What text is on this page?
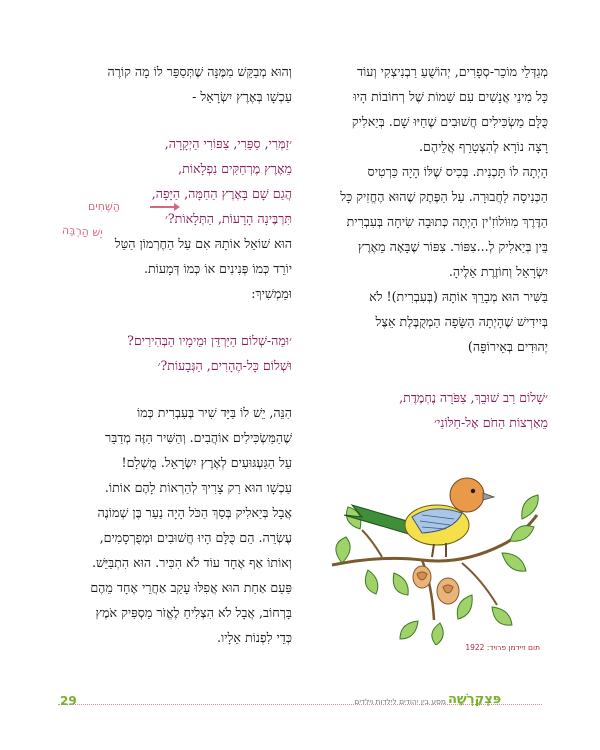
מְגַדְּלֵי מוֹכֵר-סְפָרִים, יְהוֹשֻׁעַ רַבְנִיצְקִי וְעוֹד
כָּל מִינֵי אֲנָשִׁים עִם שֵׁמוֹת שֶׁל רְחוֹבוֹת הָיוּ
כֻּלָּם מַשְׂכִּילִים חֲשׁוּבִים שֶׁחַיּוּ שָׁם. בְּיַאלִיק
רָצָה נוֹרָא לְהִצְטָרֵף אֲלֵיהֶם.
הָיְתָה לוֹ תָּכְנִית. בְּכִיס שֶׁלּוֹ הָיָה כַּרְטִיס
הַכְּנִיסָה לַחֲבוּרָה. עַל הַפֶּתֶק שֶׁהוּא הֶחֱזִיק כָּל
הַדֶּרֶךְ מִוּוֹלוֹזִ'ין הָיְתָה כְּתוּבָה שִׂיחָה בְּעִבְרִית
בֵּין בְּיַאלִיק לְ...צִפּוֹר. צִפּוֹר שֶׁבָּאָה מֵאֶרֶץ
יִשְׂרָאֵל וְחוֹזֶרֶת אֵלֶיהָ.
בַּשִּׁיר הוּא מְבָרֵךְ אוֹתָהּ (בְּעִבְרִית)! לֹא
בְּיִידִישׁ שֶׁהָיְתָה הַשָּׂפָה הַמְקֻבֶּלֶת אֵצֶל
יְהוּדִים בְּאֵירוֹפָּה)
׳שָׁלוֹם רַב שׁוּבֵךְ, צִפֹּרָה נֶחְמֶדֶת,
מֵאַרְצוֹת הַחֹם אֶל-חַלּוֹנִי׳
וְהוּא מְבַקֵּשׁ מִמֶּנָּה שֶׁתְּסַפֵּר לוֹ מָה קוֹרֶה
עַכְשָׁו בְּאֶרֶץ יִשְׂרָאֵל -
׳זַמְּרִי, סַפֵּרִי, צִפּוֹרִי הַיְקָרָה,
מֵאֶרֶץ מֶרְחַקִּים נִפְלָאוֹת,
הֲגַם שָׁם בָּאֶרֶץ הַחַמָּה, הַיָּפָה,
תִּרְבֶּינָה הָרָעוֹת, הַתְּלָאוֹת?׳
הוּא שׁוֹאֵל אוֹתָהּ אִם עַל הַחֶרְמוֹן הַטַּל
יוֹרֵד כְּמוֹ פְּנִינִים אוֹ כְּמוֹ דְּמָעוֹת.
וּמַמְשִׁיךְ:
׳וּמַה-שְׁלוֹם הַיַּרְדֵּן וּמֵימָיו הַבְּהִירִים?
וּשְׁלוֹם כָּל-הֶהָרִים, הַגְּבָעוֹת?׳
הִנֵּה, יֵשׁ לוֹ בַּיָּד שִׁיר בְּעִבְרִית כְּמוֹ
שֶׁהַמַּשְׂכִּילִים אוֹהֲבִים. וְהַשִּׁיר הַזֶּה מְדַבֵּר
עַל הַגַּעְגּוּעִים לְאֶרֶץ יִשְׂרָאֵל. מֻשְׁלָם!
עַכְשָׁו הוּא רַק צָרִיךְ לְהַרְאוֹת לָהֶם אוֹתוֹ.
אֲבָל בְּיַאלִיק בְּסַךְ הַכֹּל הָיָה נַעַר בֶּן שְׁמוֹנֶה
עֶשְׂרֵה. הֵם כֻּלָּם הָיוּ חֲשׁוּבִים וּמְפֻרְסָמִים,
וְאוֹתוֹ אַף אֶחָד עוֹד לֹא הִכִּיר. הוּא הִתְבַּיֵּשׁ.
פַּעַם אַחַת הוּא אֲפִלּוּ עָקַב אַחֲרֵי אֶחָד מֵהֶם
בָּרְחוֹב, אֲבָל לֹא הִצְלִיחַ לֶאֱזֹר מַסְפִּיק אֹמֶץ
כְּדֵי לִפְנוֹת אֵלָיו.
הַשֶּׁחִים
יֵשׁ הַרְבֵּה
תום זיידמן פרויד: 1922
29	מסע בין יהודים לילדות וילדים פִּצְקָרְשָׁה
